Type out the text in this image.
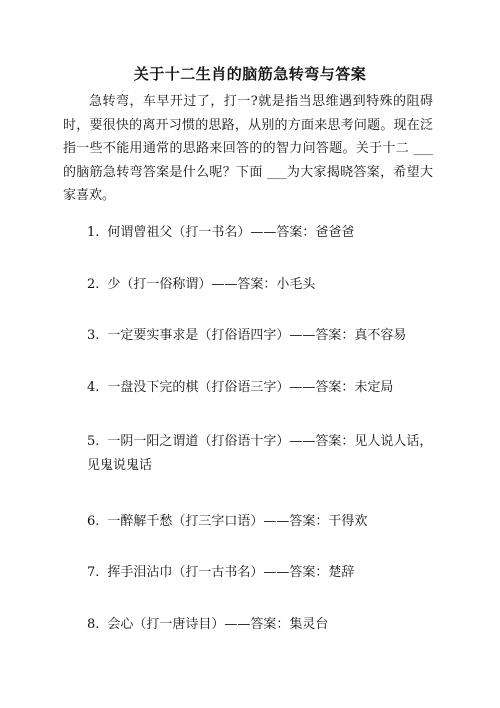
关于十二生肖的脑筋急转弯与答案
急转弯，车早开过了，打一?就是指当思维遇到特殊的阻碍时，要很快的离开习惯的思路，从别的方面来思考问题。现在泛指一些不能用通常的思路来回答的的智力问答题。关于十二 ___的脑筋急转弯答案是什么呢？下面 ___为大家揭晓答案，希望大家喜欢。
1. 何谓曾祖父（打一书名）——答案：爸爸爸
2. 少（打一俗称谓）——答案：小毛头
3. 一定要实事求是（打俗语四字）——答案：真不容易
4. 一盘没下完的棋（打俗语三字）——答案：未定局
5. 一阴一阳之谓道（打俗语十字）——答案：见人说人话，见鬼说鬼话
6. 一醉解千愁（打三字口语）——答案：干得欢
7. 挥手泪沾巾（打一古书名）——答案：楚辞
8. 会心（打一唐诗目）——答案：集灵台
